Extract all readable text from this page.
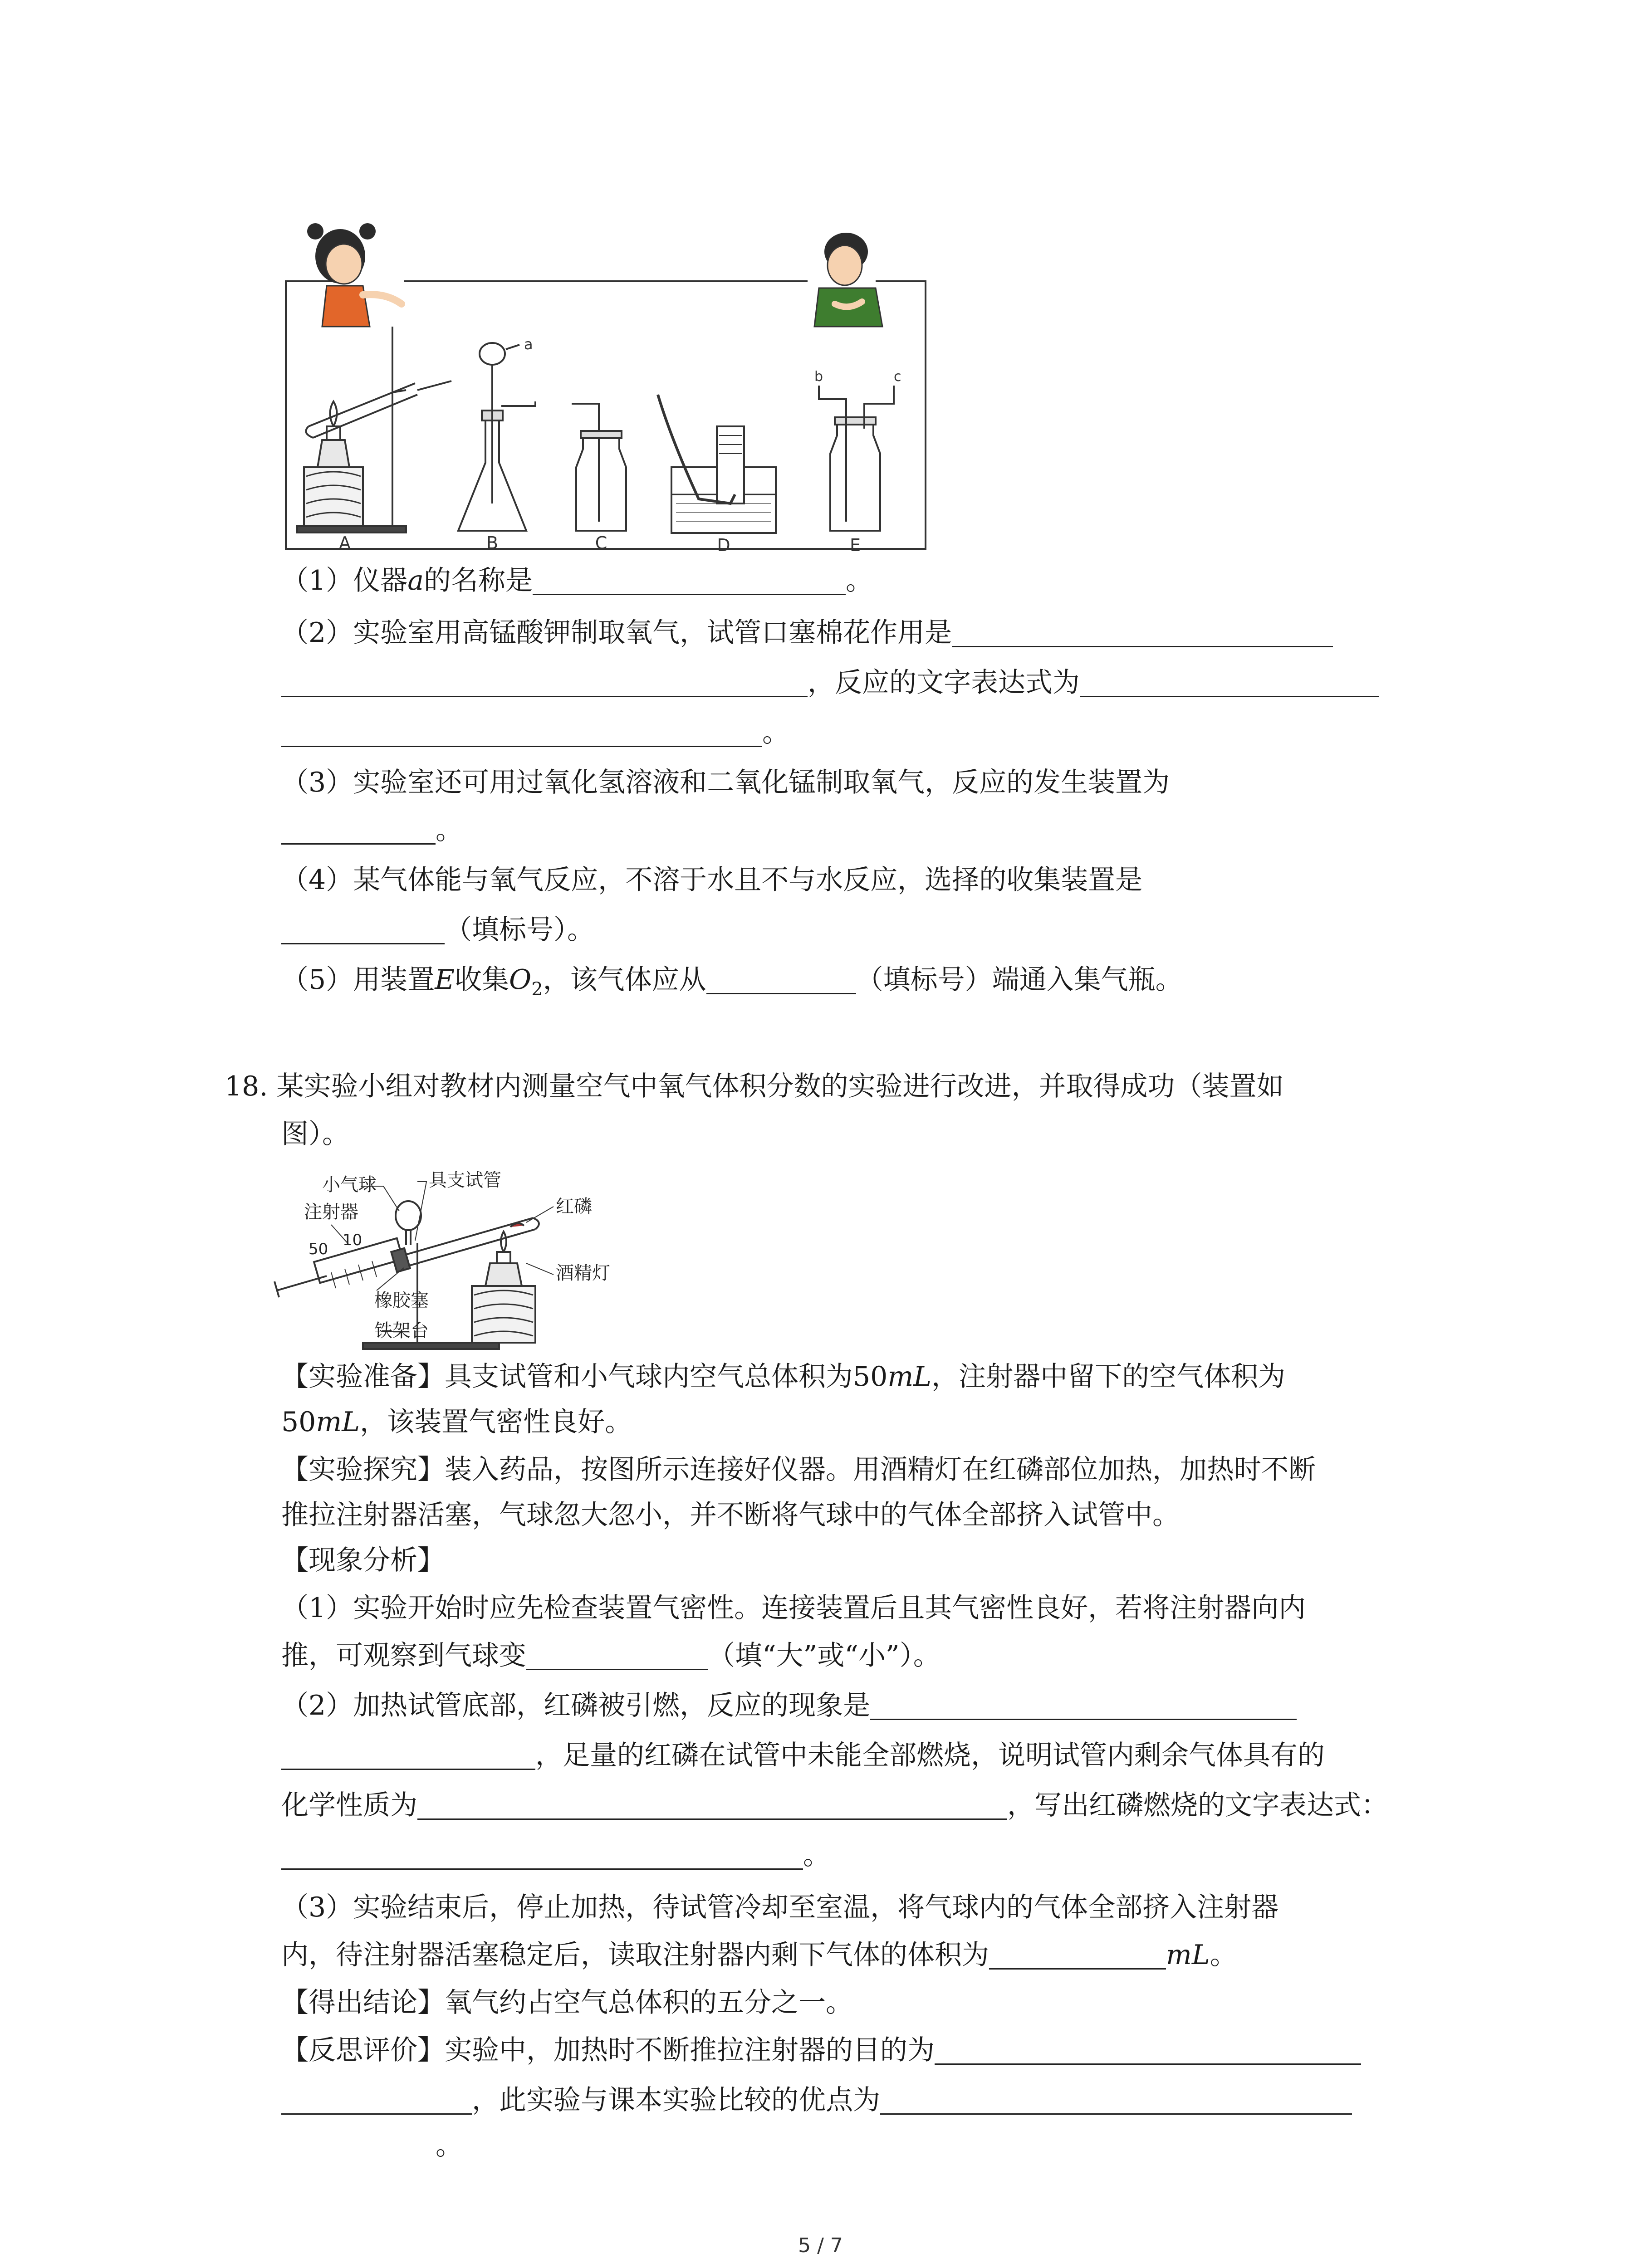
A
a
B	C	D
b	c
E
（1）仪器a的名称是	。
（2）实验室用高锰酸钾制取氧气，试管口塞棉花作用是
，反应的文字表达式为
。
（3）实验室还可用过氧化氢溶液和二氧化锰制取氧气，反应的发生装置为
。
（4）某气体能与氧气反应，不溶于水且不与水反应，选择的收集装置是
（填标号）。
（5）用装置E收集$O_2$，该气体应从	（填标号）端通入集气瓶。
18. 某实验小组对教材内测量空气中氧气体积分数的实验进行改进，并取得成功（装置如
图）。
小气球	具支试管
注射器
50 10
红磷
橡胶塞
酒精灯
铁架台
【实验准备】具支试管和小气球内空气总体积为50mL，注射器中留下的空气体积为
50mL，该装置气密性良好。
【实验探究】装入药品，按图所示连接好仪器。用酒精灯在红磷部位加热，加热时不断
推拉注射器活塞，气球忽大忽小，并不断将气球中的气体全部挤入试管中。
【现象分析】
（1）实验开始时应先检查装置气密性。连接装置后且其气密性良好，若将注射器向内
推，可观察到气球变	（填“大”或“小”）。
（2）加热试管底部，红磷被引燃，反应的现象是
，足量的红磷在试管中未能全部燃烧，说明试管内剩余气体具有的
化学性质为	，写出红磷燃烧的文字表达式：
。
（3）实验结束后，停止加热，待试管冷却至室温，将气球内的气体全部挤入注射器
内，待注射器活塞稳定后，读取注射器内剩下气体的体积为	mL。
【得出结论】氧气约占空气总体积的五分之一。
【反思评价】实验中，加热时不断推拉注射器的目的为
，此实验与课本实验比较的优点为
。
5 / 7
